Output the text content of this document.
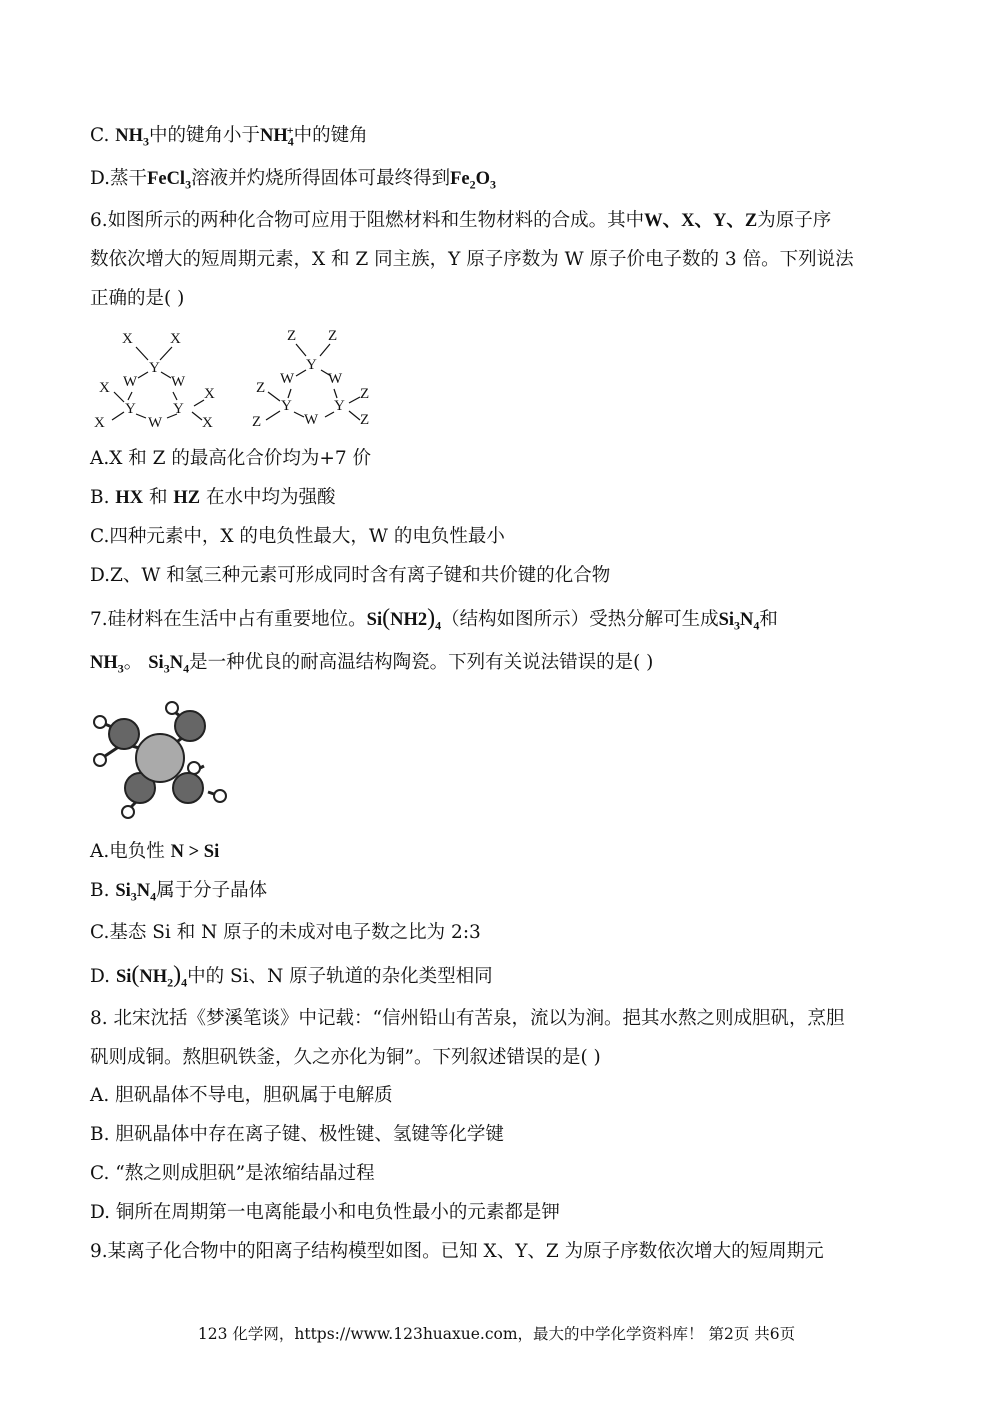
C. $NH_3$中的键角小于$NH_4^+$中的键角
D.蒸干FeCl$_3$溶液并灼烧所得固体可最终得到$Fe_2O_3$
6.如图所示的两种化合物可应用于阻燃材料和生物材料的合成。其中W、X、Y、Z为原子序
数依次增大的短周期元素，X 和 Z 同主族，Y 原子序数为 W 原子价电子数的 3 倍。下列说法
正确的是( )
X X
Y
W W
X	X
Y Y
W
X	X
Z Z
Y
W W
Z	Z
Y	Y
W
Z	Z
A.X 和 Z 的最高化合价均为+7 价
B. HX 和 HZ 在水中均为强酸
C.四种元素中，X 的电负性最大，W 的电负性最小
D.Z、W 和氢三种元素可形成同时含有离子键和共价键的化合物
7.硅材料在生活中占有重要地位。$Si(NH2)_4$（结构如图所示）受热分解可生成$Si_3N_4$和
$NH_3$。 $Si_3N_4$是一种优良的耐高温结构陶瓷。下列有关说法错误的是( )
A.电负性 N > Si
B. $Si_3N_4$属于分子晶体
C.基态 Si 和 N 原子的未成对电子数之比为 2:3
D. $Si(NH_2)_4$中的 Si、N 原子轨道的杂化类型相同
8. 北宋沈括《梦溪笔谈》中记载：“信州铅山有苦泉，流以为涧。挹其水熬之则成胆矾，烹胆
矾则成铜。熬胆矾铁釜，久之亦化为铜”。下列叙述错误的是( )
A. 胆矾晶体不导电，胆矾属于电解质
B. 胆矾晶体中存在离子键、极性键、氢键等化学键
C. “熬之则成胆矾”是浓缩结晶过程
D. 铜所在周期第一电离能最小和电负性最小的元素都是钾
9.某离子化合物中的阳离子结构模型如图。已知 X、Y、Z 为原子序数依次增大的短周期元
123 化学网，https://www.123huaxue.com，最大的中学化学资料库！ 第2页 共6页
